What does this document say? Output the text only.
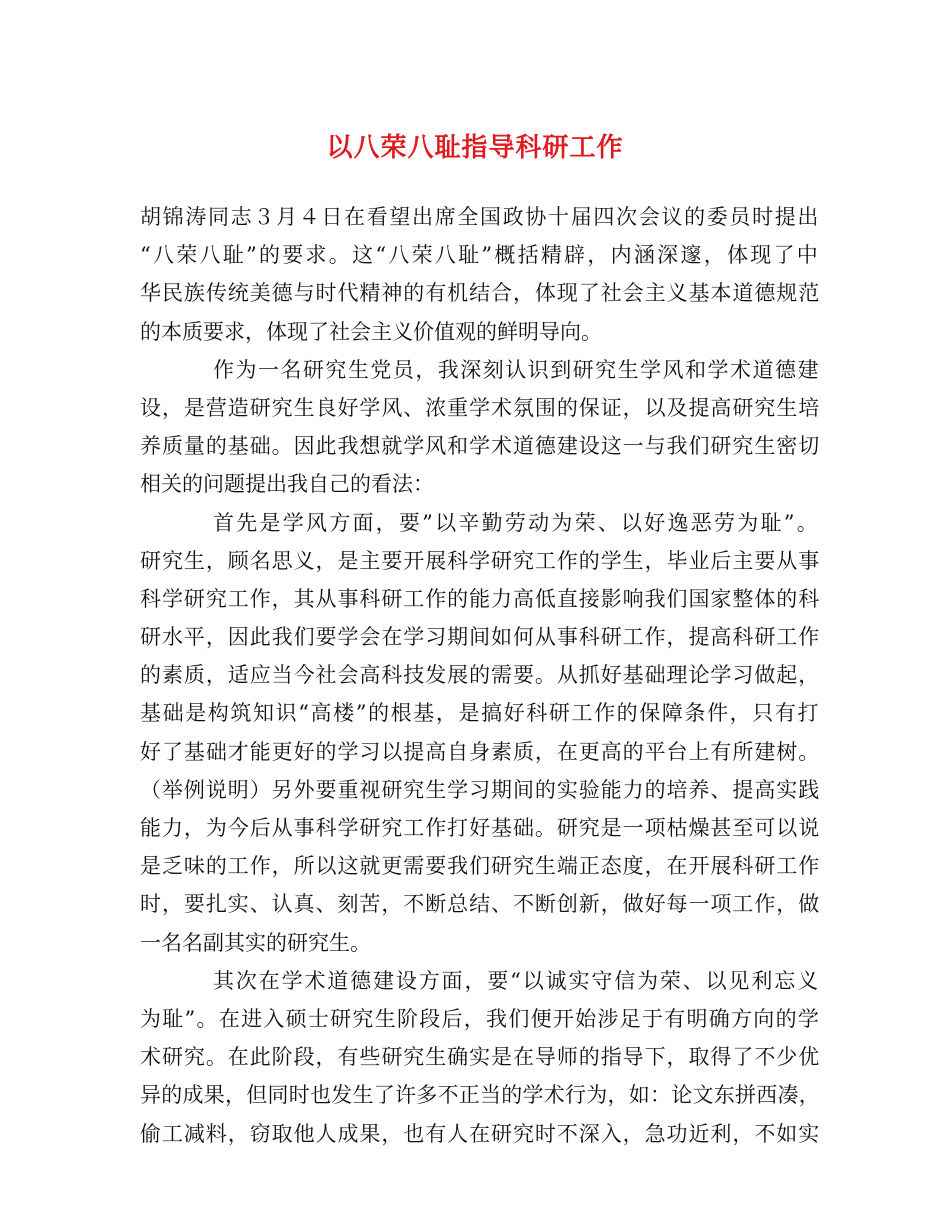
以八荣八耻指导科研工作
胡锦涛同志３月４日在看望出席全国政协十届四次会议的委员时提出
“八荣八耻”的要求。这“八荣八耻”概括精辟，内涵深邃，体现了中
华民族传统美德与时代精神的有机结合，体现了社会主义基本道德规范
的本质要求，体现了社会主义价值观的鲜明导向。
作为一名研究生党员，我深刻认识到研究生学风和学术道德建
设，是营造研究生良好学风、浓重学术氛围的保证，以及提高研究生培
养质量的基础。因此我想就学风和学术道德建设这一与我们研究生密切
相关的问题提出我自己的看法：
首先是学风方面，要”以辛勤劳动为荣、以好逸恶劳为耻”。
研究生，顾名思义，是主要开展科学研究工作的学生，毕业后主要从事
科学研究工作，其从事科研工作的能力高低直接影响我们国家整体的科
研水平，因此我们要学会在学习期间如何从事科研工作，提高科研工作
的素质，适应当今社会高科技发展的需要。从抓好基础理论学习做起，
基础是构筑知识“高楼”的根基，是搞好科研工作的保障条件，只有打
好了基础才能更好的学习以提高自身素质，在更高的平台上有所建树。
（举例说明）另外要重视研究生学习期间的实验能力的培养、提高实践
能力，为今后从事科学研究工作打好基础。研究是一项枯燥甚至可以说
是乏味的工作，所以这就更需要我们研究生端正态度，在开展科研工作
时，要扎实、认真、刻苦，不断总结、不断创新，做好每一项工作，做
一名名副其实的研究生。
其次在学术道德建设方面，要“以诚实守信为荣、以见利忘义
为耻”。在进入硕士研究生阶段后，我们便开始涉足于有明确方向的学
术研究。在此阶段，有些研究生确实是在导师的指导下，取得了不少优
异的成果，但同时也发生了许多不正当的学术行为，如：论文东拼西凑，
偷工减料，窃取他人成果，也有人在研究时不深入，急功近利，不如实
